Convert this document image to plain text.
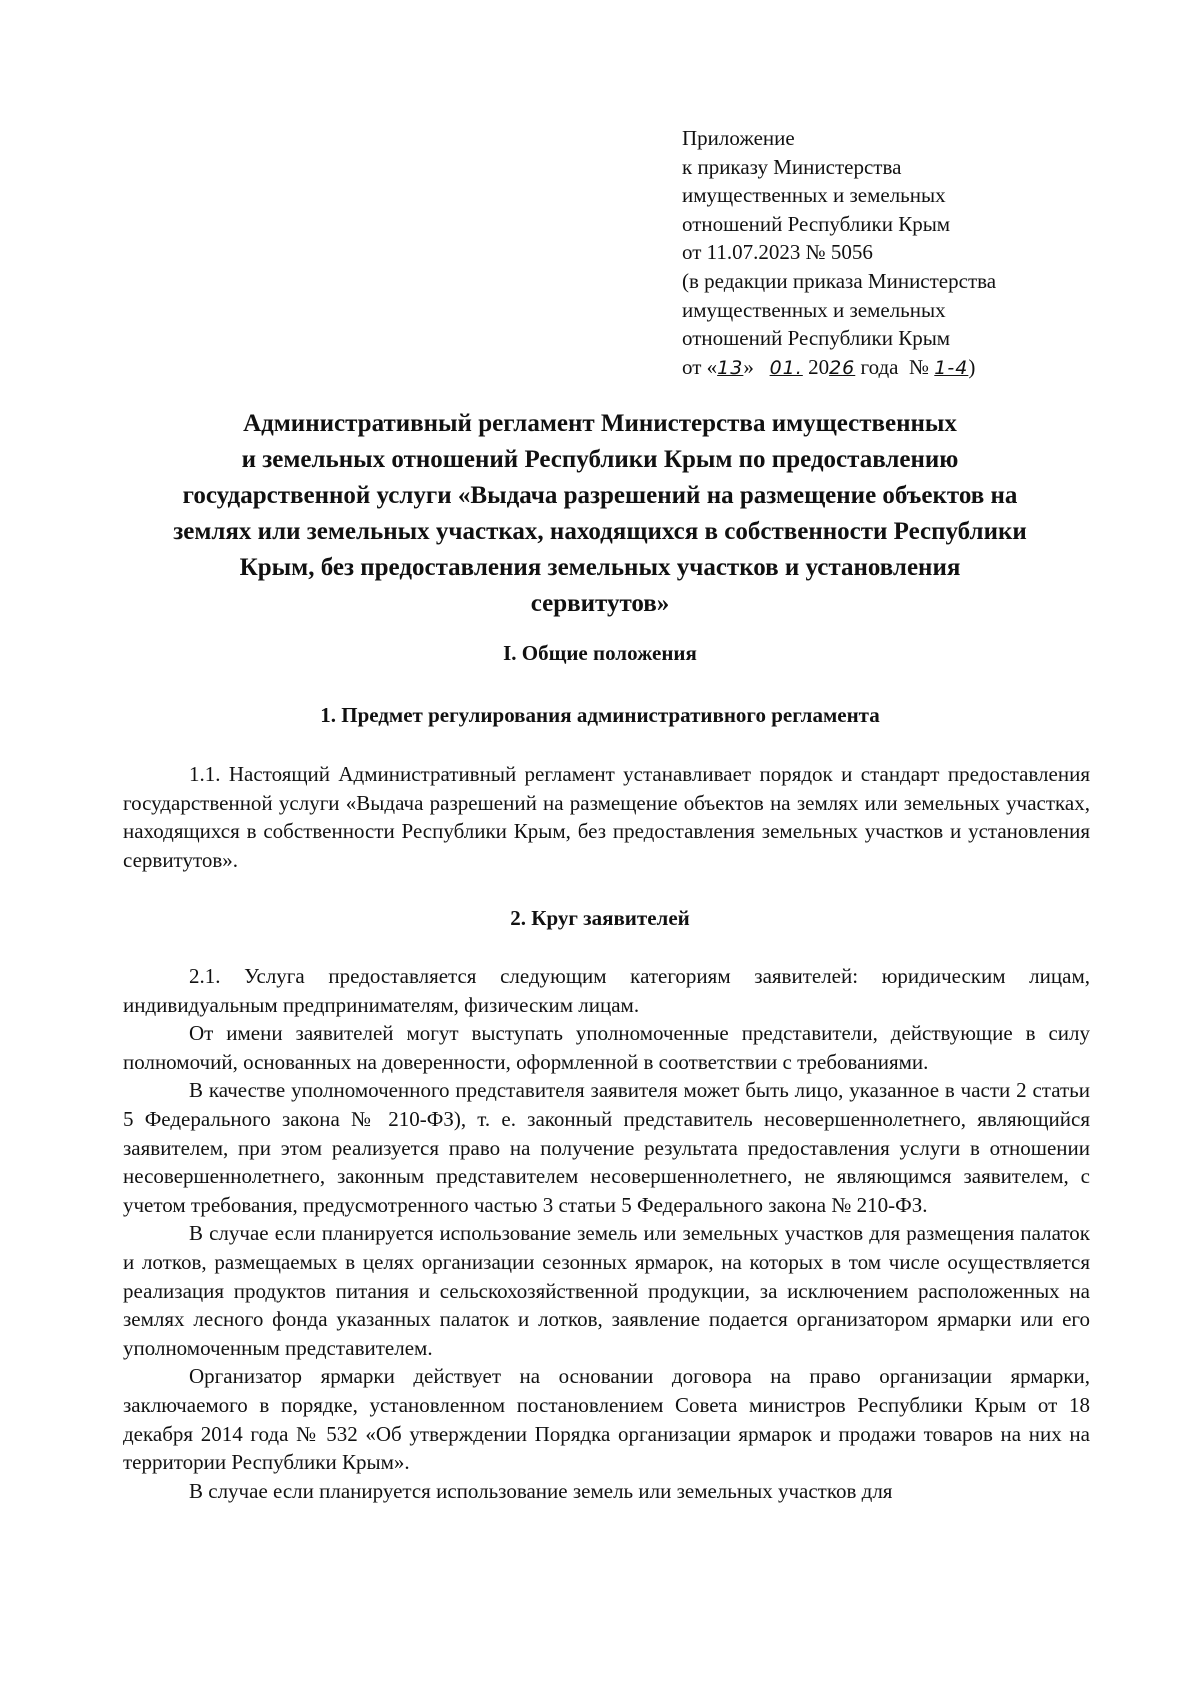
Приложение
к приказу Министерства
имущественных и земельных
отношений Республики Крым
от 11.07.2023 № 5056
(в редакции приказа Министерства
имущественных и земельных
отношений Республики Крым
от «13» 01. 2026 года № 1-4)
Административный регламент Министерства имущественных
и земельных отношений Республики Крым по предоставлению
государственной услуги «Выдача разрешений на размещение объектов на
землях или земельных участках, находящихся в собственности Республики
Крым, без предоставления земельных участков и установления
сервитутов»
I. Общие положения
1. Предмет регулирования административного регламента

1.1. Настоящий Административный регламент устанавливает порядок и стандарт предоставления государственной услуги «Выдача разрешений на размещение объектов на землях или земельных участках, находящихся в собственности Республики Крым, без предоставления земельных участков и установления сервитутов».

2. Круг заявителей

2.1. Услуга предоставляется следующим категориям заявителей: юридическим лицам, индивидуальным предпринимателям, физическим лицам.

От имени заявителей могут выступать уполномоченные представители, действующие в силу полномочий, основанных на доверенности, оформленной в соответствии с требованиями.

В качестве уполномоченного представителя заявителя может быть лицо, указанное в части 2 статьи 5 Федерального закона № 210-ФЗ), т. е. законный представитель несовершеннолетнего, являющийся заявителем, при этом реализуется право на получение результата предоставления услуги в отношении несовершеннолетнего, законным представителем несовершеннолетнего, не являющимся заявителем, с учетом требования, предусмотренного частью 3 статьи 5 Федерального закона № 210-ФЗ.

В случае если планируется использование земель или земельных участков для размещения палаток и лотков, размещаемых в целях организации сезонных ярмарок, на которых в том числе осуществляется реализация продуктов питания и сельскохозяйственной продукции, за исключением расположенных на землях лесного фонда указанных палаток и лотков, заявление подается организатором ярмарки или его уполномоченным представителем.

Организатор ярмарки действует на основании договора на право организации ярмарки, заключаемого в порядке, установленном постановлением Совета министров Республики Крым от 18 декабря 2014 года № 532 «Об утверждении Порядка организации ярмарок и продажи товаров на них на территории Республики Крым».

В случае если планируется использование земель или земельных участков для
